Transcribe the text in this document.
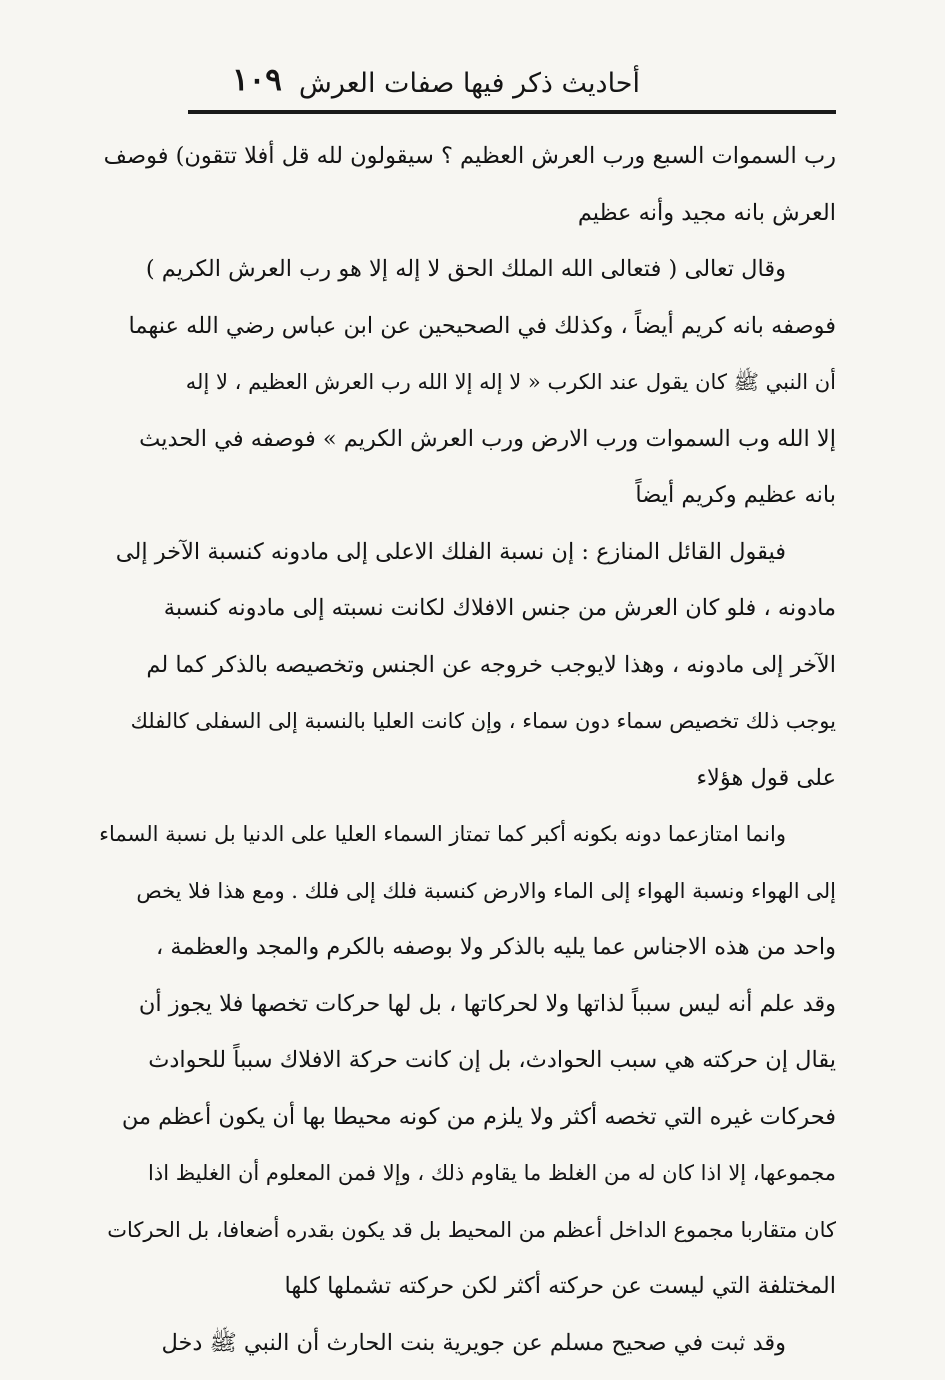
١٠٩ أحاديث ذكر فيها صفات العرش
رب السموات السبع ورب العرش العظيم ؟ سيقولون لله قل أفلا تتقون) فوصف
العرش بانه مجيد وأنه عظيم
وقال تعالى ( فتعالى الله الملك الحق لا إله إلا هو رب العرش الكريم )
فوصفه بانه كريم أيضاً ، وكذلك في الصحيحين عن ابن عباس رضي الله عنهما
أن النبي ﷺ كان يقول عند الكرب « لا إله إلا الله رب العرش العظيم ، لا إله
إلا الله وب السموات ورب الارض ورب العرش الكريم » فوصفه في الحديث
بانه عظيم وكريم أيضاً
فيقول القائل المنازع : إن نسبة الفلك الاعلى إلى مادونه كنسبة الآخر إلى
مادونه ، فلو كان العرش من جنس الافلاك لكانت نسبته إلى مادونه كنسبة
الآخر إلى مادونه ، وهذا لايوجب خروجه عن الجنس وتخصيصه بالذكر كما لم
يوجب ذلك تخصيص سماء دون سماء ، وإن كانت العليا بالنسبة إلى السفلى كالفلك
على قول هؤلاء
وانما امتازعما دونه بكونه أكبر كما تمتاز السماء العليا على الدنيا بل نسبة السماء
إلى الهواء ونسبة الهواء إلى الماء والارض كنسبة فلك إلى فلك . ومع هذا فلا يخص
واحد من هذه الاجناس عما يليه بالذكر ولا بوصفه بالكرم والمجد والعظمة ،
وقد علم أنه ليس سبباً لذاتها ولا لحركاتها ، بل لها حركات تخصها فلا يجوز أن
يقال إن حركته هي سبب الحوادث، بل إن كانت حركة الافلاك سبباً للحوادث
فحركات غيره التي تخصه أكثر ولا يلزم من كونه محيطا بها أن يكون أعظم من
مجموعها، إلا اذا كان له من الغلظ ما يقاوم ذلك ، وإلا فمن المعلوم أن الغليظ اذا
كان متقاربا مجموع الداخل أعظم من المحيط بل قد يكون بقدره أضعافا، بل الحركات
المختلفة التي ليست عن حركته أكثر لكن حركته تشملها كلها
وقد ثبت في صحيح مسلم عن جويرية بنت الحارث أن النبي ﷺ دخل
